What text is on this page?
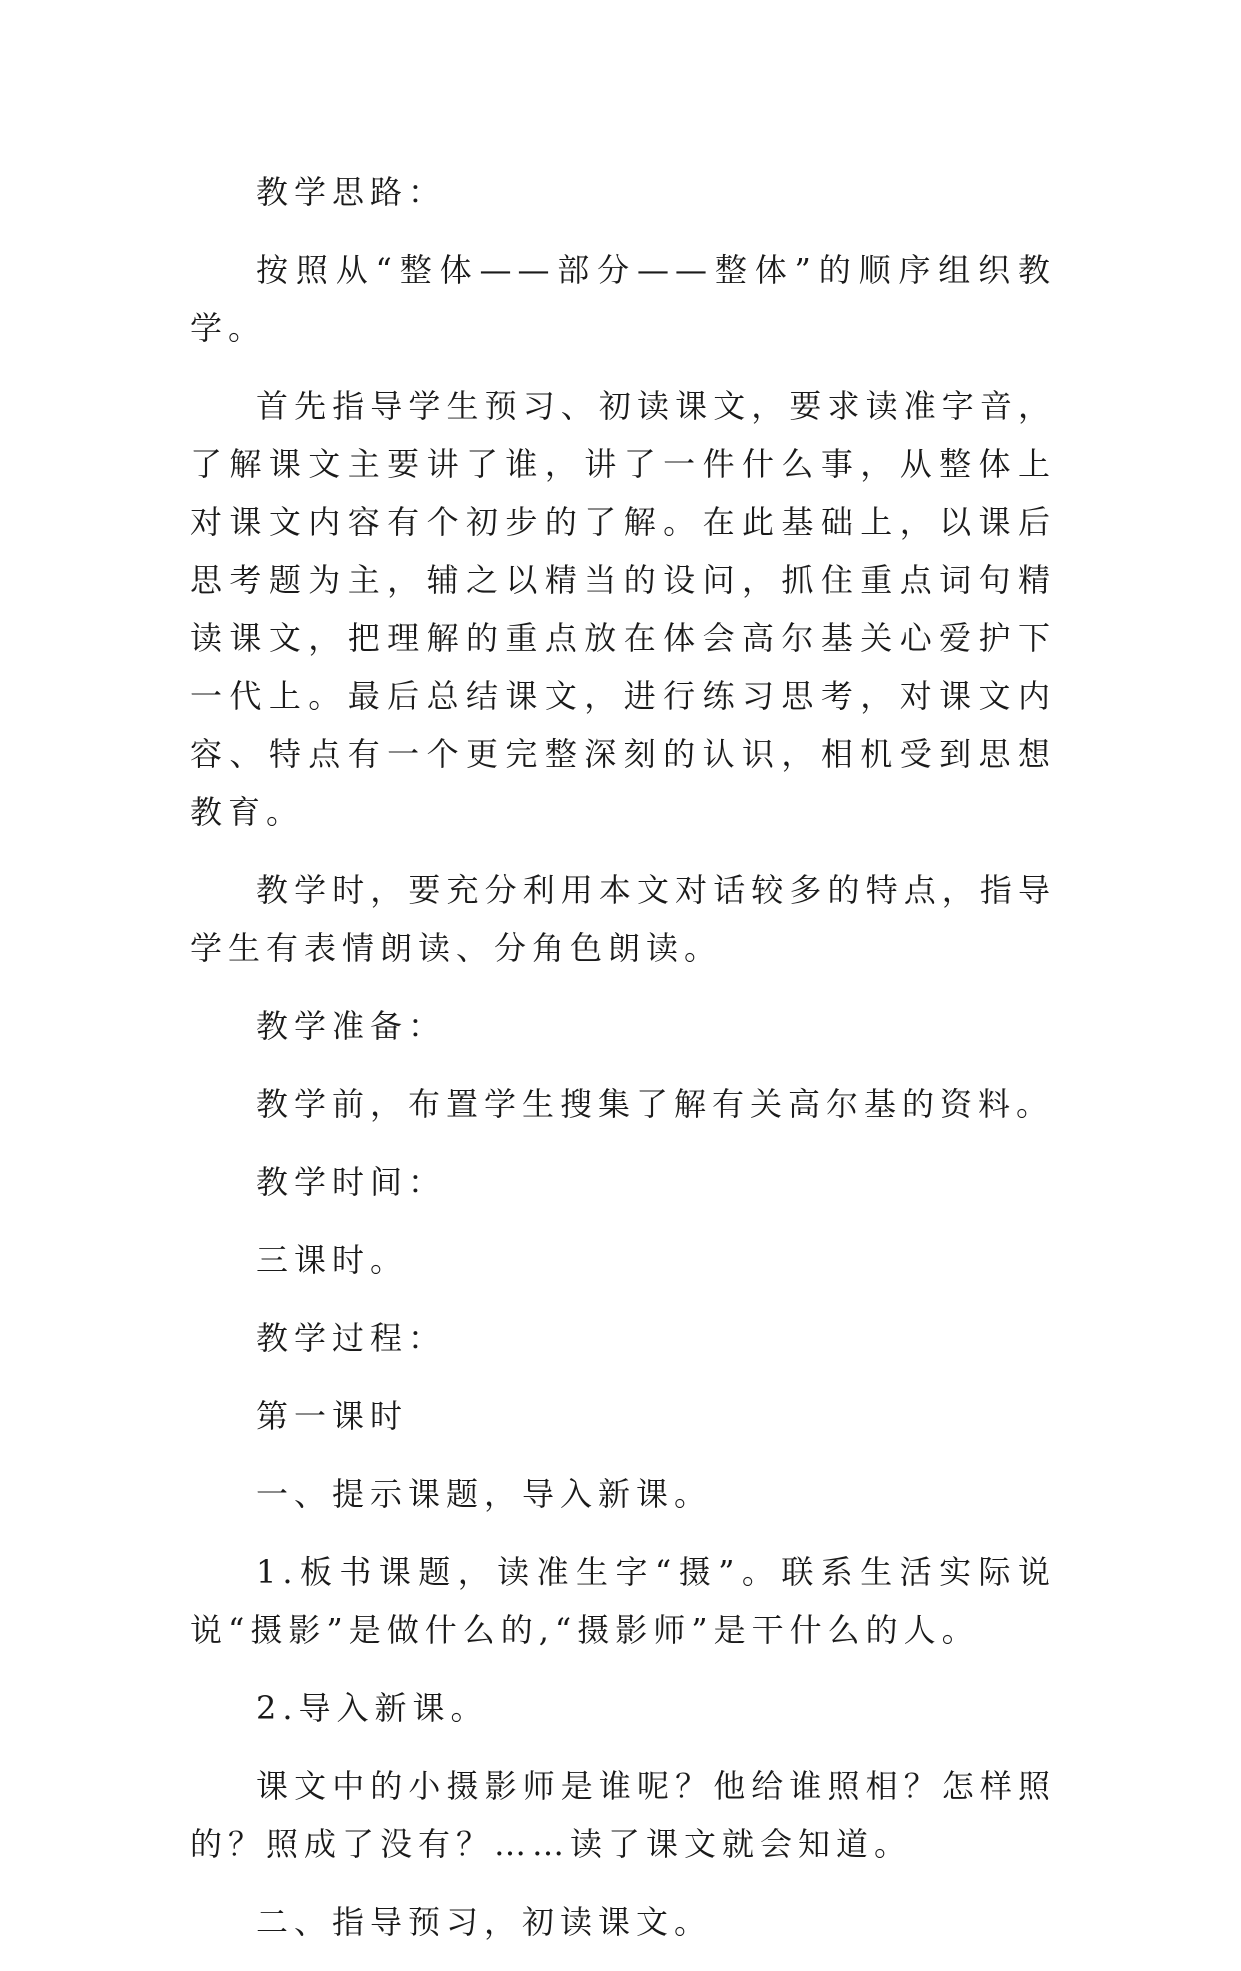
教学思路：

按照从“整体——部分——整体”的顺序组织教学。

首先指导学生预习、初读课文，要求读准字音，了解课文主要讲了谁，讲了一件什么事，从整体上对课文内容有个初步的了解。在此基础上，以课后思考题为主，辅之以精当的设问，抓住重点词句精读课文，把理解的重点放在体会高尔基关心爱护下一代上。最后总结课文，进行练习思考，对课文内容、特点有一个更完整深刻的认识，相机受到思想教育。

教学时，要充分利用本文对话较多的特点，指导学生有表情朗读、分角色朗读。

教学准备：

教学前，布置学生搜集了解有关高尔基的资料。

教学时间：

三课时。

教学过程：

第一课时

一、提示课题，导入新课。

1.板书课题，读准生字“摄”。联系生活实际说说“摄影”是做什么的,“摄影师”是干什么的人。

2.导入新课。

课文中的小摄影师是谁呢？他给谁照相？怎样照的？照成了没有？……读了课文就会知道。

二、指导预习，初读课文。
